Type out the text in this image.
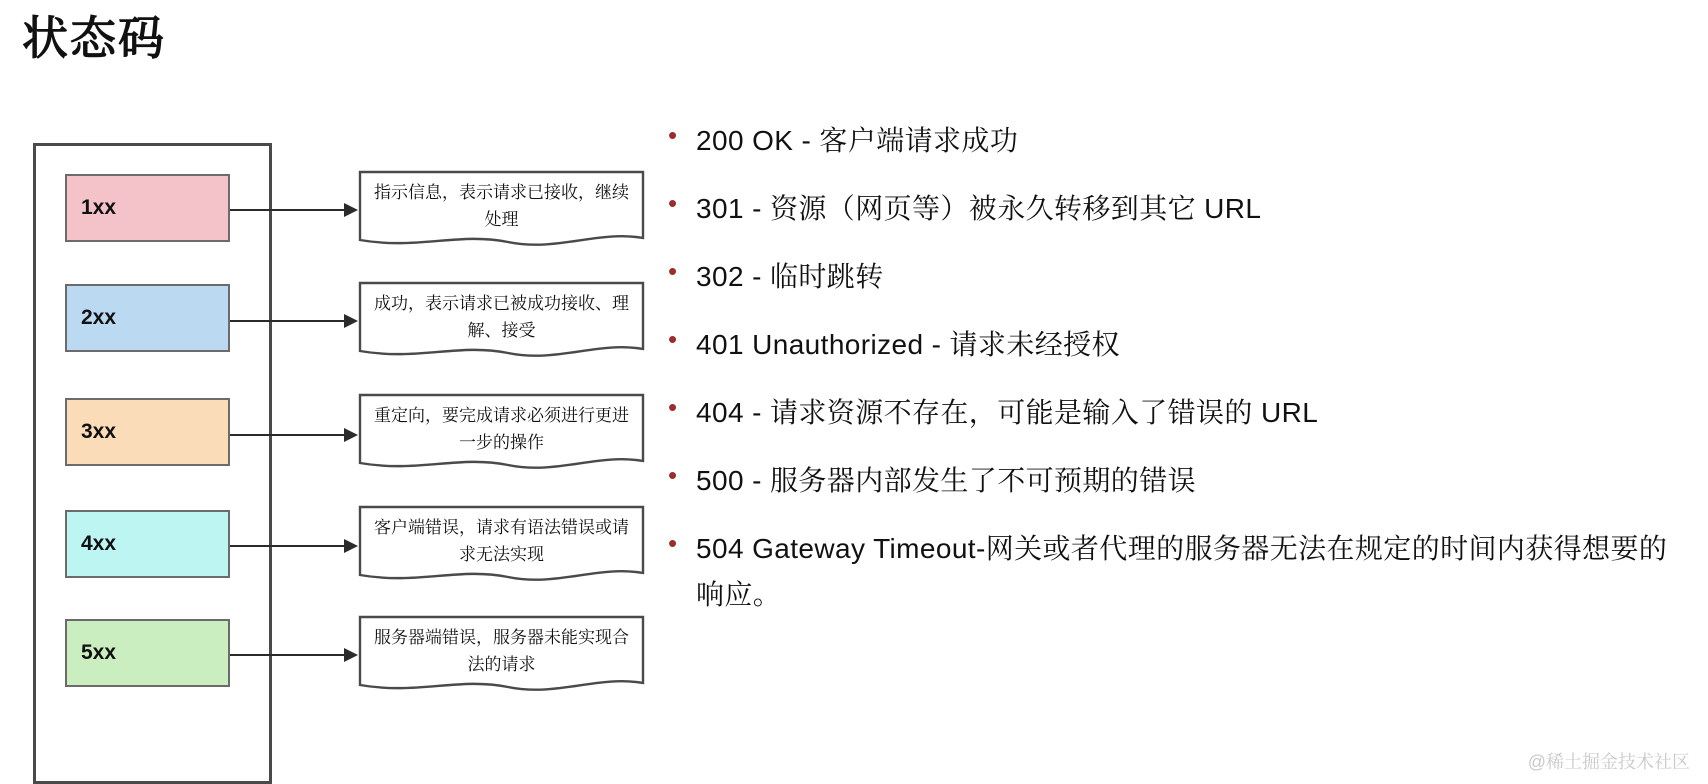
状态码
1xx
指示信息，表示请求已接收，继续处理
2xx
成功，表示请求已被成功接收、理解、接受
3xx
重定向，要完成请求必须进行更进一步的操作
4xx
客户端错误，请求有语法错误或请求无法实现
5xx
服务器端错误，服务器未能实现合法的请求
• 200 OK - 客户端请求成功
• 301 - 资源（网页等）被永久转移到其它 URL
• 302 - 临时跳转
• 401 Unauthorized - 请求未经授权
• 404 - 请求资源不存在，可能是输入了错误的 URL
• 500 - 服务器内部发生了不可预期的错误
• 504 Gateway Timeout-网关或者代理的服务器无法在规定的时间内获得想要的响应。
@稀土掘金技术社区
